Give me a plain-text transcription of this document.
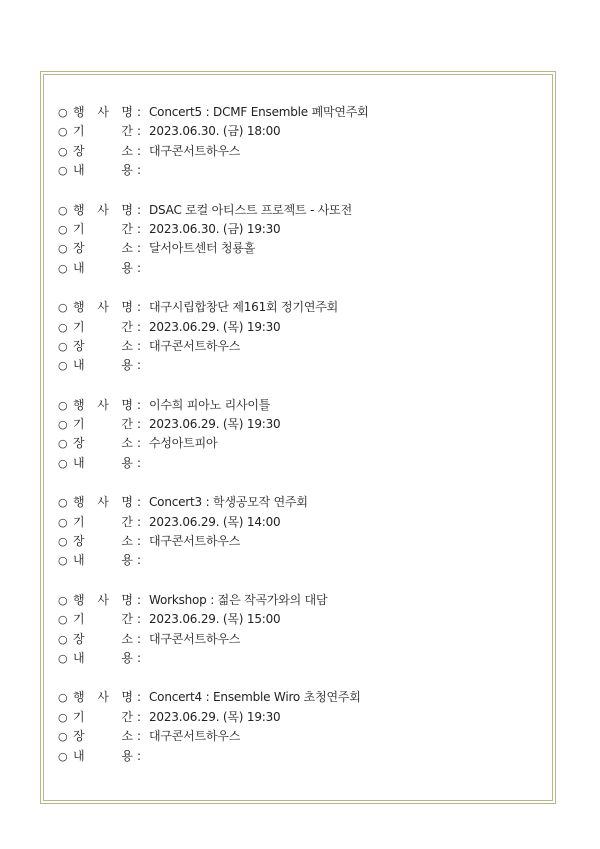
○ 행 사 명 : Concert5 : DCMF Ensemble 폐막연주회
○ 기	간 : 2023.06.30. (금) 18:00
○ 장	소 : 대구콘서트하우스
○ 내	용 :
○ 행 사 명 : DSAC 로컬 아티스트 프로젝트 - 사또전
○ 기	간 : 2023.06.30. (금) 19:30
○ 장	소 : 달서아트센터 청룡홀
○ 내	용 :
○ 행 사 명 : 대구시립합창단 제161회 정기연주회
○ 기	간 : 2023.06.29. (목) 19:30
○ 장	소 : 대구콘서트하우스
○ 내	용 :
○ 행 사 명 : 이수희 피아노 리사이틀
○ 기	간 : 2023.06.29. (목) 19:30
○ 장	소 : 수성아트피아
○ 내	용 :
○ 행 사 명 : Concert3 : 학생공모작 연주회
○ 기	간 : 2023.06.29. (목) 14:00
○ 장	소 : 대구콘서트하우스
○ 내	용 :
○ 행 사 명 : Workshop : 젊은 작곡가와의 대담
○ 기	간 : 2023.06.29. (목) 15:00
○ 장	소 : 대구콘서트하우스
○ 내	용 :
○ 행 사 명 : Concert4 : Ensemble Wiro 초청연주회
○ 기	간 : 2023.06.29. (목) 19:30
○ 장	소 : 대구콘서트하우스
○ 내	용 :
